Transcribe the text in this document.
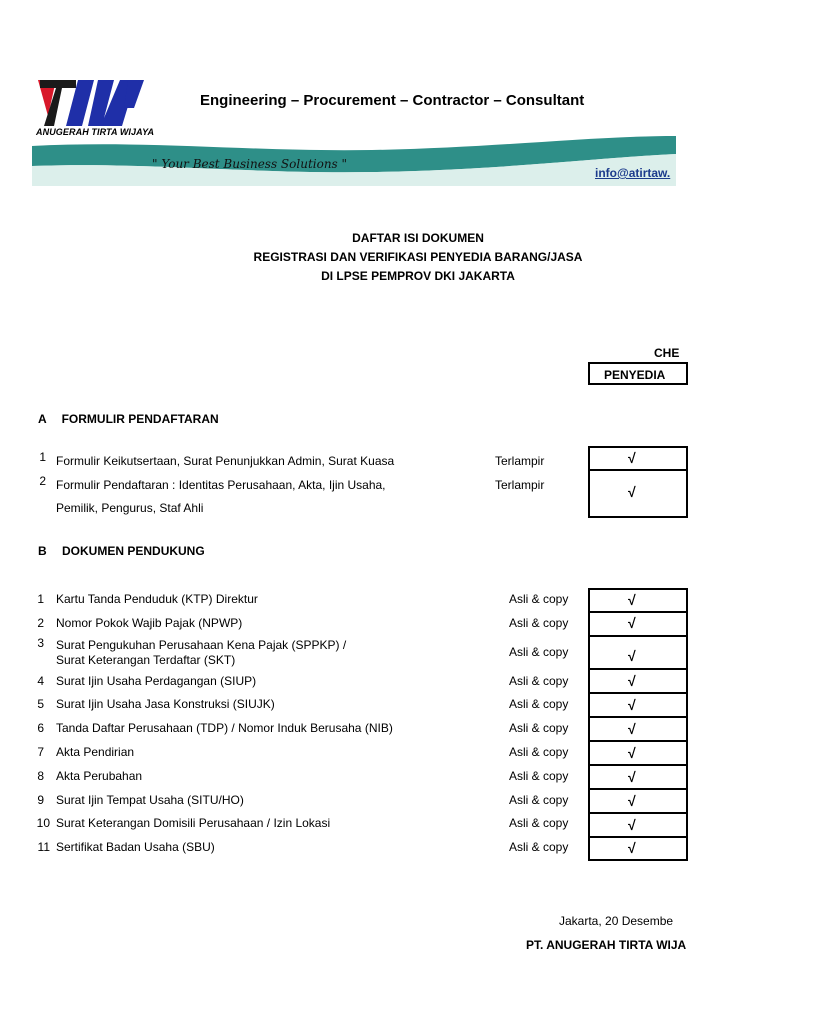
ANUGERAH TIRTA WIJAYA
Engineering – Procurement – Contractor – Consultant
" Your Best Business Solutions "
info@atirtaw.
DAFTAR ISI DOKUMEN
REGISTRASI DAN VERIFIKASI PENYEDIA BARANG/JASA
DI LPSE PEMPROV DKI JAKARTA
CHE
PENYEDIA
A FORMULIR PENDAFTARAN
1 Formulir Keikutsertaan, Surat Penunjukkan Admin, Surat Kuasa	Terlampir	√
2 Formulir Pendaftaran : Identitas Perusahaan, Akta, Ijin Usaha,
Pemilik, Pengurus, Staf Ahli
Terlampir	√
B DOKUMEN PENDUKUNG
1 Kartu Tanda Penduduk (KTP) Direktur	Asli & copy	√
2 Nomor Pokok Wajib Pajak (NPWP)	Asli & copy	√
3 Surat Pengukuhan Perusahaan Kena Pajak (SPPKP) /
Surat Keterangan Terdaftar (SKT)
Asli & copy	√
4 Surat Ijin Usaha Perdagangan (SIUP)	Asli & copy	√
5 Surat Ijin Usaha Jasa Konstruksi (SIUJK)	Asli & copy	√
6 Tanda Daftar Perusahaan (TDP) / Nomor Induk Berusaha (NIB)	Asli & copy	√
7 Akta Pendirian	Asli & copy	√
8 Akta Perubahan	Asli & copy	√
9 Surat Ijin Tempat Usaha (SITU/HO)	Asli & copy	√
10 Surat Keterangan Domisili Perusahaan / Izin Lokasi	Asli & copy	√
11 Sertifikat Badan Usaha (SBU)	Asli & copy	√
Jakarta, 20 Desembe
PT. ANUGERAH TIRTA WIJA
